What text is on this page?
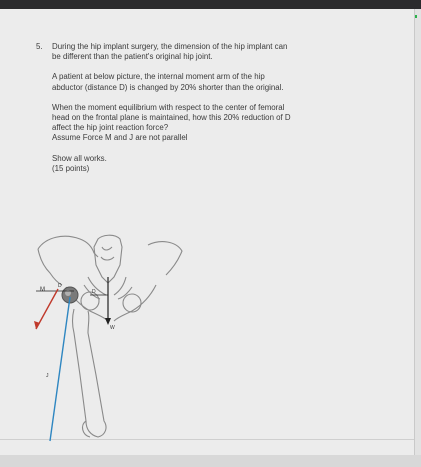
5. During the hip implant surgery, the dimension of the hip implant can
be different than the patient's original hip joint.

A patient at below picture, the internal moment arm of the hip
abductor (distance D) is changed by 20% shorter than the original.

When the moment equilibrium with respect to the center of femoral
head on the frontal plane is maintained, how this 20% reduction of D
affect the hip joint reaction force?
Assume Force M and J are not parallel

Show all works.
(15 points)

M
D
D
W
J
